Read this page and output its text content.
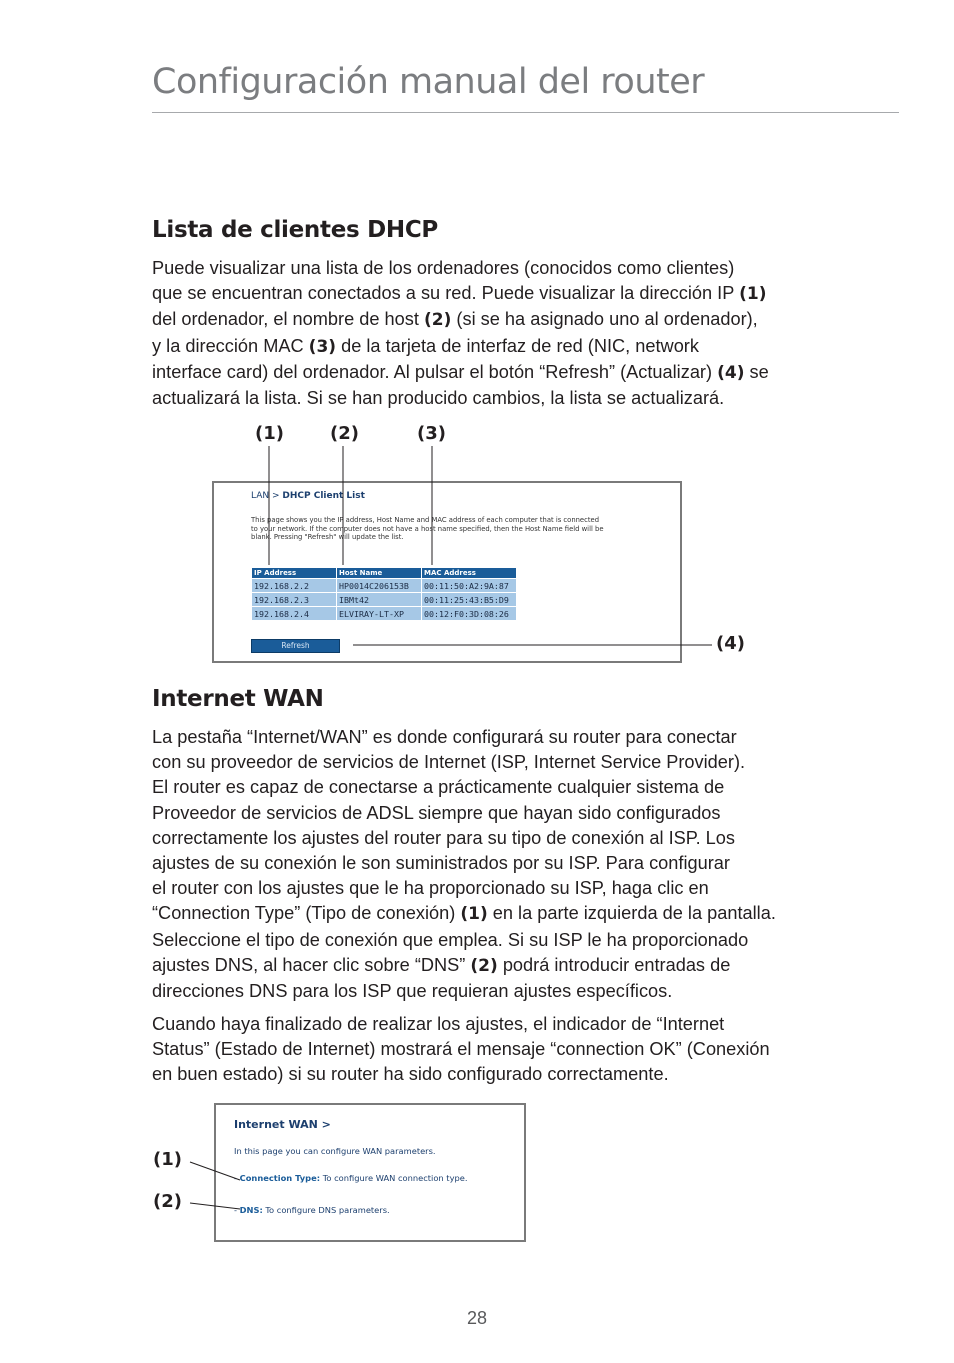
Configuración manual del router
Lista de clientes DHCP
Puede visualizar una lista de los ordenadores (conocidos como clientes)
que se encuentran conectados a su red. Puede visualizar la dirección IP (1)
del ordenador, el nombre de host (2) (si se ha asignado uno al ordenador),
y la dirección MAC (3) de la tarjeta de interfaz de red (NIC, network
interface card) del ordenador. Al pulsar el botón “Refresh” (Actualizar) (4) se
actualizará la lista. Si se han producido cambios, la lista se actualizará.
(1)	(2)	(3)
(4)
LAN > DHCP Client List
This page shows you the IP address, Host Name and MAC address of each computer that is connected
to your network. If the computer does not have a host name specified, then the Host Name field will be
blank. Pressing "Refresh" will update the list.
IP Address	Host Name	MAC Address
192.168.2.2	HP0014C206153B	00:11:50:A2:9A:87
192.168.2.3	IBMt42	00:11:25:43:B5:D9
192.168.2.4	ELVIRAY-LT-XP	00:12:F0:3D:08:26
Refresh
Internet WAN
La pestaña “Internet/WAN” es donde configurará su router para conectar
con su proveedor de servicios de Internet (ISP, Internet Service Provider).
El router es capaz de conectarse a prácticamente cualquier sistema de
Proveedor de servicios de ADSL siempre que hayan sido configurados
correctamente los ajustes del router para su tipo de conexión al ISP. Los
ajustes de su conexión le son suministrados por su ISP. Para configurar
el router con los ajustes que le ha proporcionado su ISP, haga clic en
“Connection Type” (Tipo de conexión) (1) en la parte izquierda de la pantalla.
Seleccione el tipo de conexión que emplea. Si su ISP le ha proporcionado
ajustes DNS, al hacer clic sobre “DNS” (2) podrá introducir entradas de
direcciones DNS para los ISP que requieran ajustes específicos.
Cuando haya finalizado de realizar los ajustes, el indicador de “Internet
Status” (Estado de Internet) mostrará el mensaje “connection OK” (Conexión
en buen estado) si su router ha sido configurado correctamente.
(1)
(2)
Internet WAN >
In this page you can configure WAN parameters.
- Connection Type: To configure WAN connection type.
- DNS: To configure DNS parameters.
28
